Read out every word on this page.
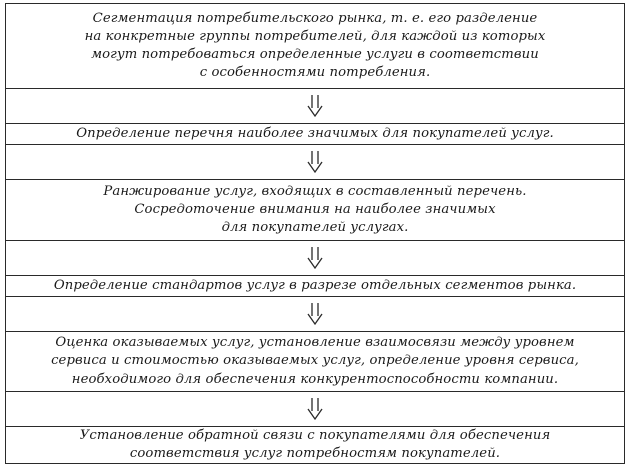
Сегментация потребительского рынка, т. е. его разделение
на конкретные группы потребителей, для каждой из которых
могут потребоваться определенные услуги в соответствии
с особенностями потребления.
Определение перечня наиболее значимых для покупателей услуг.
Ранжирование услуг, входящих в составленный перечень.
Сосредоточение внимания на наиболее значимых
для покупателей услугах.
Определение стандартов услуг в разрезе отдельных сегментов рынка.
Оценка оказываемых услуг, установление взаимосвязи между уровнем
сервиса и стоимостью оказываемых услуг, определение уровня сервиса,
необходимого для обеспечения конкурентоспособности компании.
Установление обратной связи с покупателями для обеспечения
соответствия услуг потребностям покупателей.
